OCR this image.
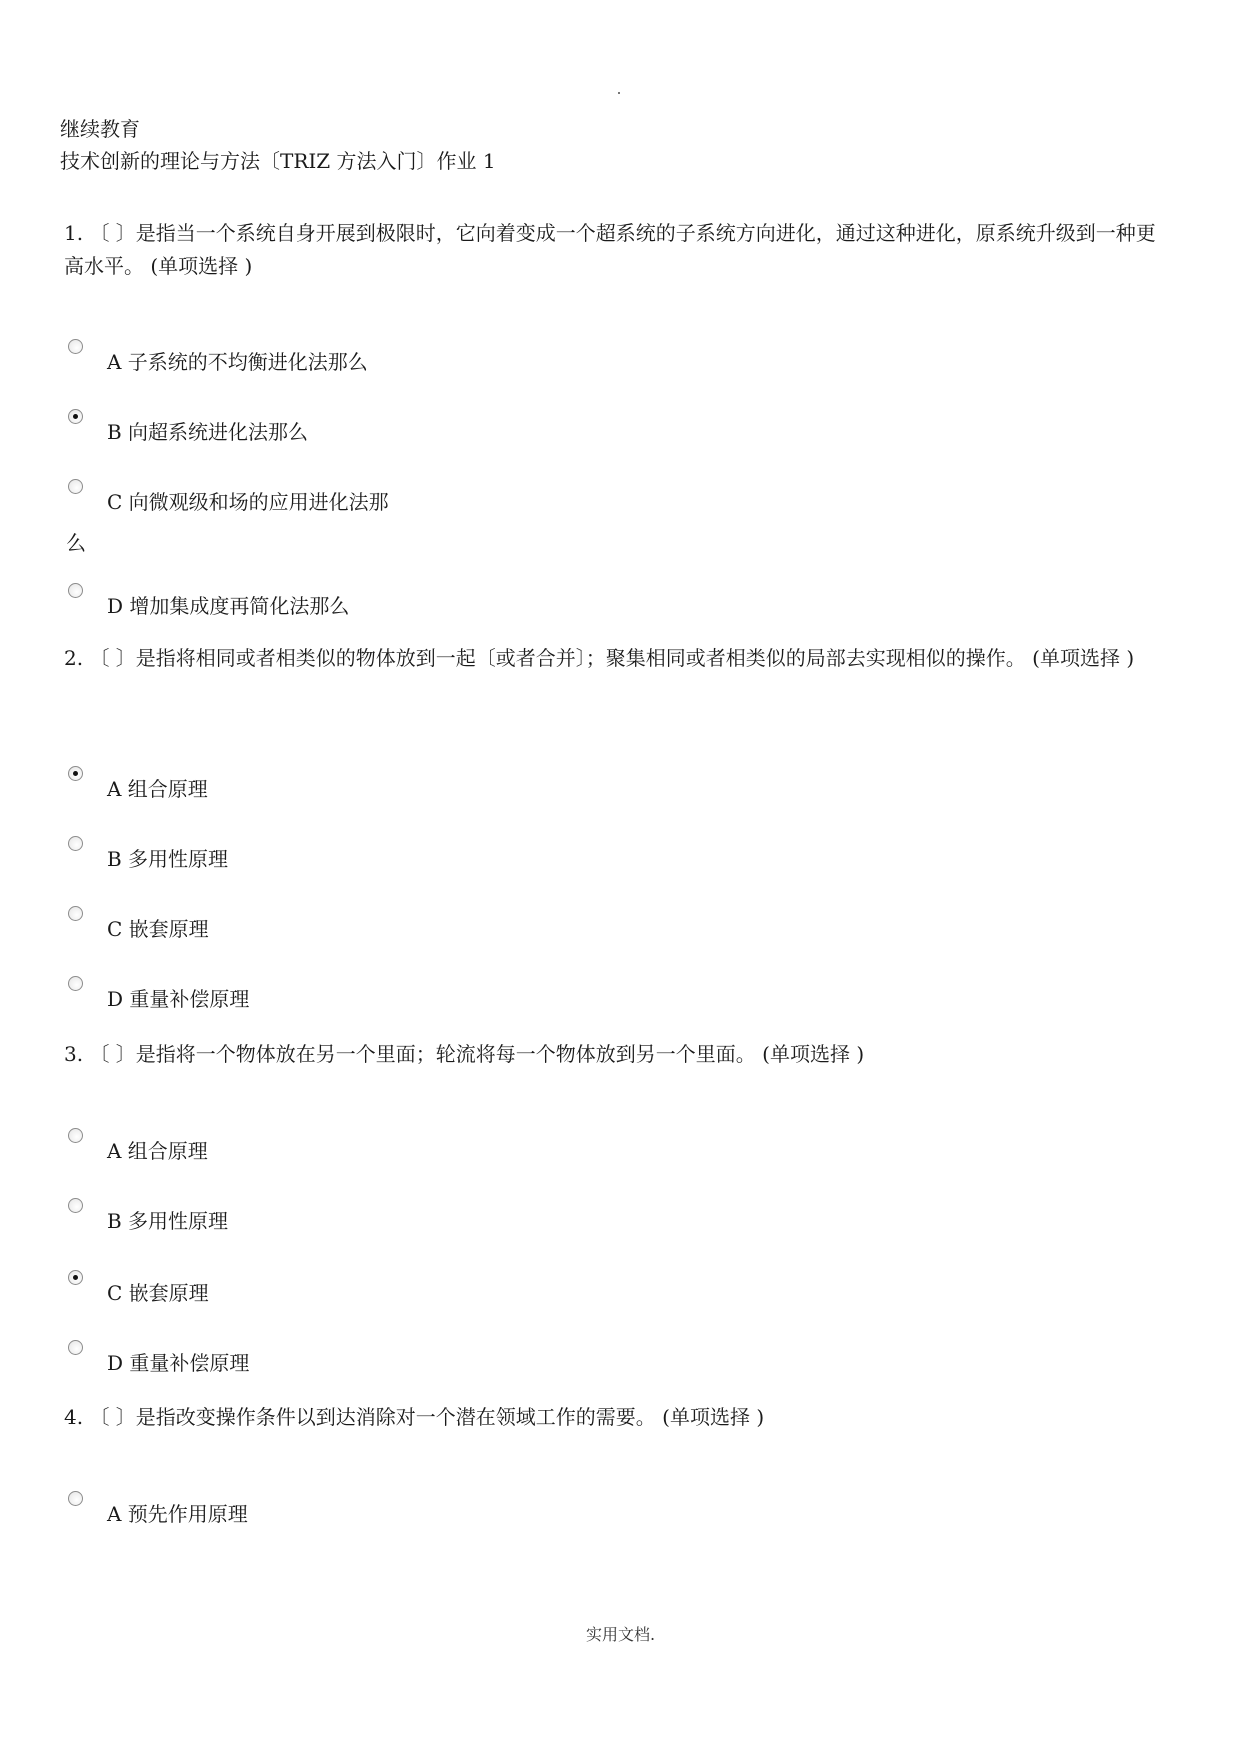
继续教育
技术创新的理论与方法〔TRIZ 方法入门〕作业 1
1. 〔 〕是指当一个系统自身开展到极限时，它向着变成一个超系统的子系统方向进化，通过这种进化，原系统升级到一种更高水平。 (单项选择 )
A 子系统的不均衡进化法那么
B 向超系统进化法那么
C 向微观级和场的应用进化法那
么
D 增加集成度再简化法那么
2. 〔 〕是指将相同或者相类似的物体放到一起〔或者合并〕；聚集相同或者相类似的局部去实现相似的操作。 (单项选择 )
A 组合原理
B 多用性原理
C 嵌套原理
D 重量补偿原理
3. 〔 〕是指将一个物体放在另一个里面；轮流将每一个物体放到另一个里面。 (单项选择 )
A 组合原理
B 多用性原理
C 嵌套原理
D 重量补偿原理
4. 〔 〕是指改变操作条件以到达消除对一个潜在领域工作的需要。 (单项选择 )
A 预先作用原理
实用文档.
